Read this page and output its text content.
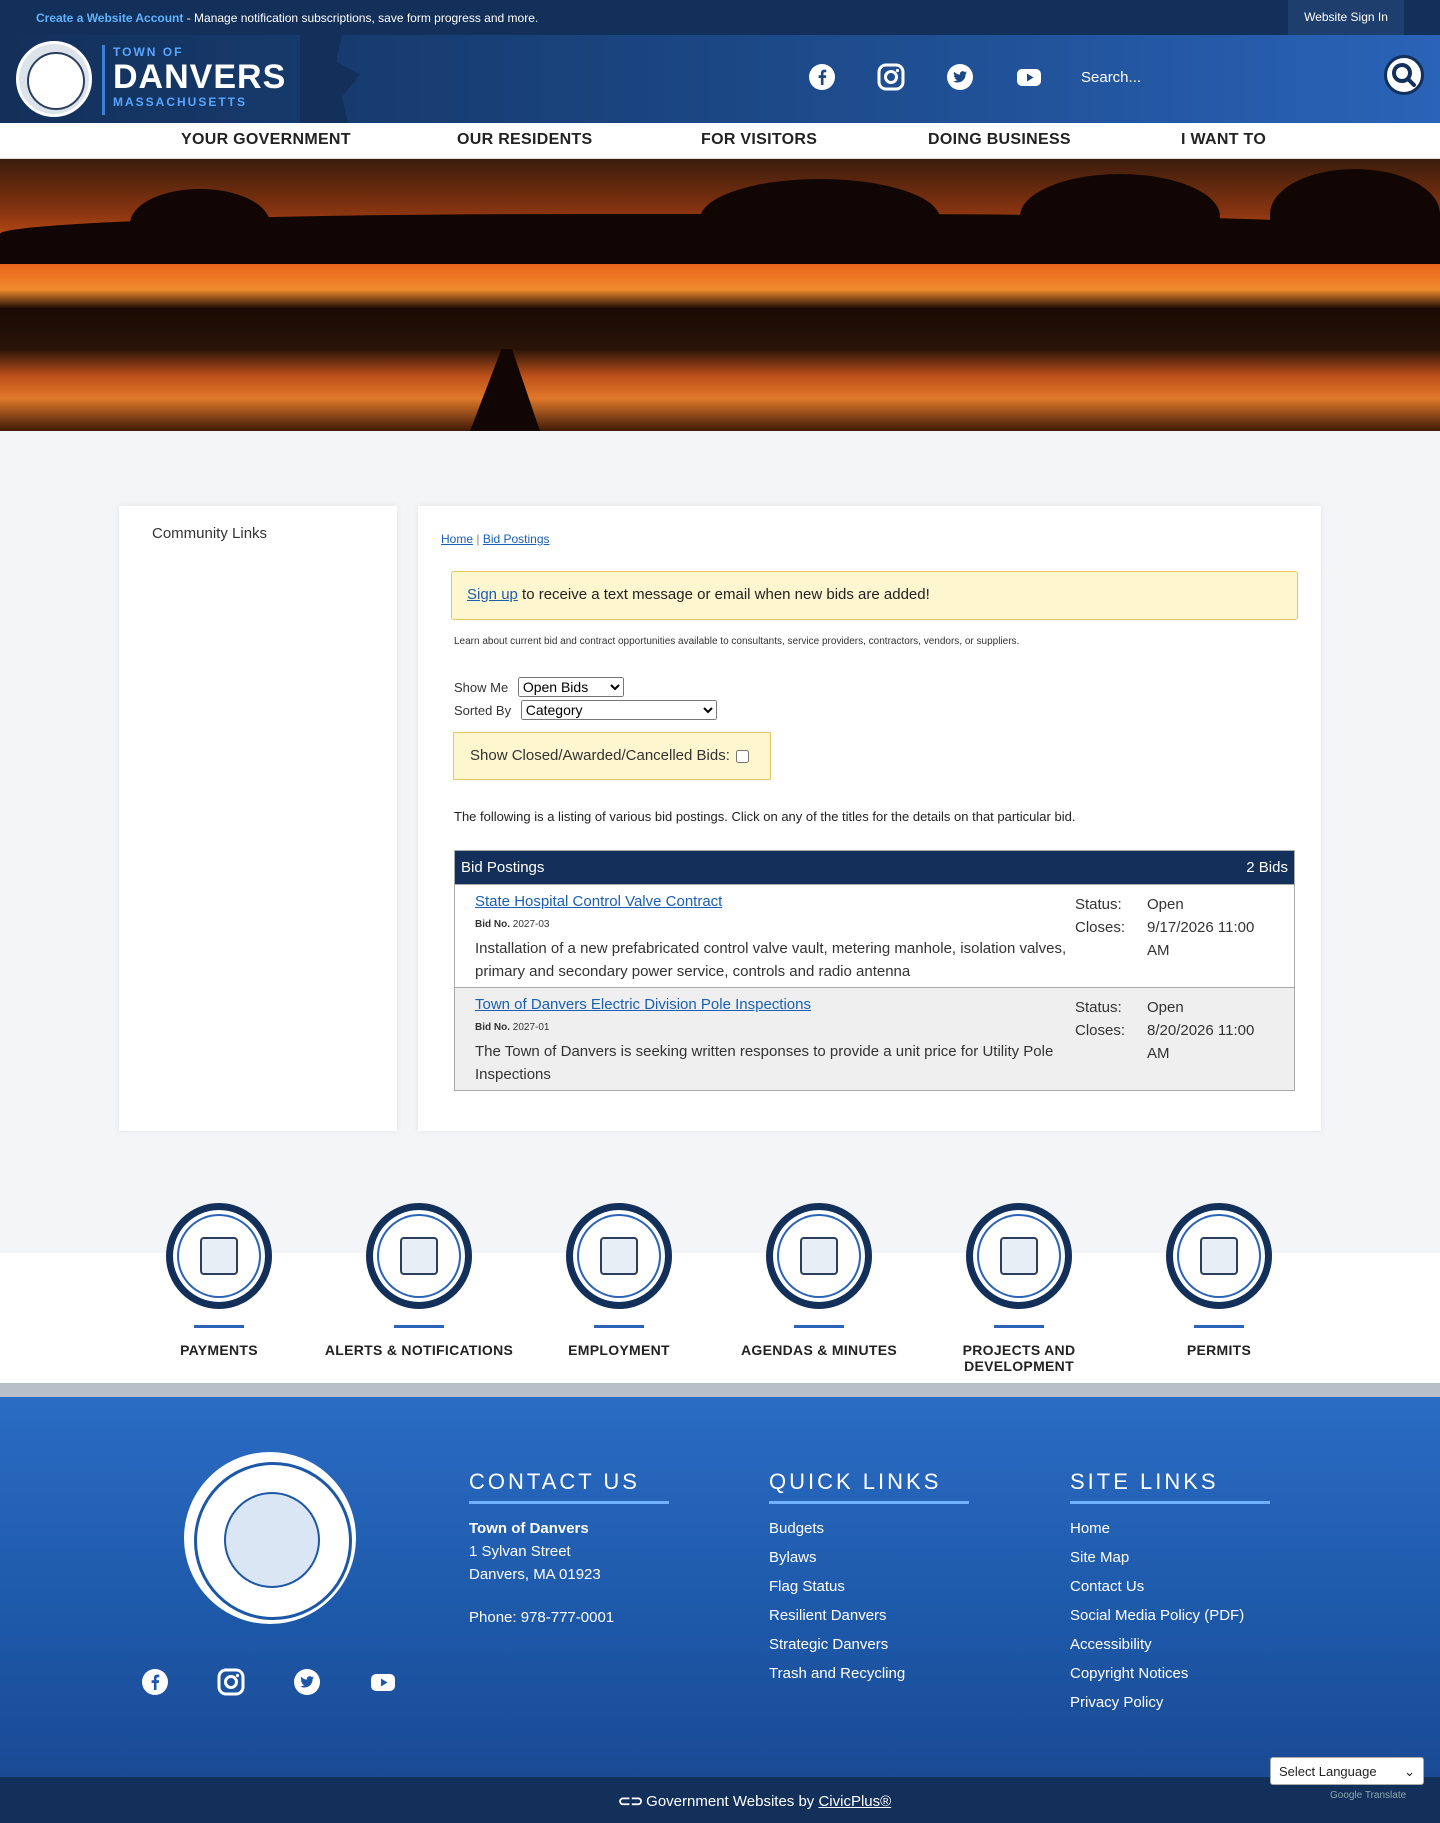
Create a Website Account - Manage notification subscriptions, save form progress and more.	Website Sign In
TOWN OF
DANVERS
MASSACHUSETTS
Search...
YOUR GOVERNMENT	OUR RESIDENTS	FOR VISITORS	DOING BUSINESS	I WANT TO
Community Links	Home | Bid Postings
Sign up to receive a text message or email when new bids are added!
Learn about current bid and contract opportunities available to consultants, service providers, contractors, vendors, or suppliers.
Show Me
Open Bids
Sorted By
Category
Show Closed/Awarded/Cancelled Bids:
The following is a listing of various bid postings. Click on any of the titles for the details on that particular bid.
Bid Postings	2 Bids
State Hospital Control Valve Contract
Bid No. 2027-03
Installation of a new prefabricated control valve vault, metering manhole, isolation valves, primary and secondary power service, controls and radio antenna
Status: Open
Closes: 9/17/2026 11:00 AM
Town of Danvers Electric Division Pole Inspections
Bid No. 2027-01
The Town of Danvers is seeking written responses to provide a unit price for Utility Pole Inspections
Status: Open
Closes: 8/20/2026 11:00 AM
PAYMENTS	ALERTS & NOTIFICATIONS	EMPLOYMENT	AGENDAS & MINUTES	PROJECTS AND DEVELOPMENT
PERMITS
CONTACT US
Town of Danvers
1 Sylvan Street
Danvers, MA 01923
Phone: 978-777-0001
QUICK LINKS
Budgets
Bylaws
Flag Status
Resilient Danvers
Strategic Danvers
Trash and Recycling
SITE LINKS
Home
Site Map
Contact Us
Social Media Policy (PDF)
Accessibility
Copyright Notices
Privacy Policy
⊂⊃ Government Websites by CivicPlus®
Select Language ⌄
Google Translate
